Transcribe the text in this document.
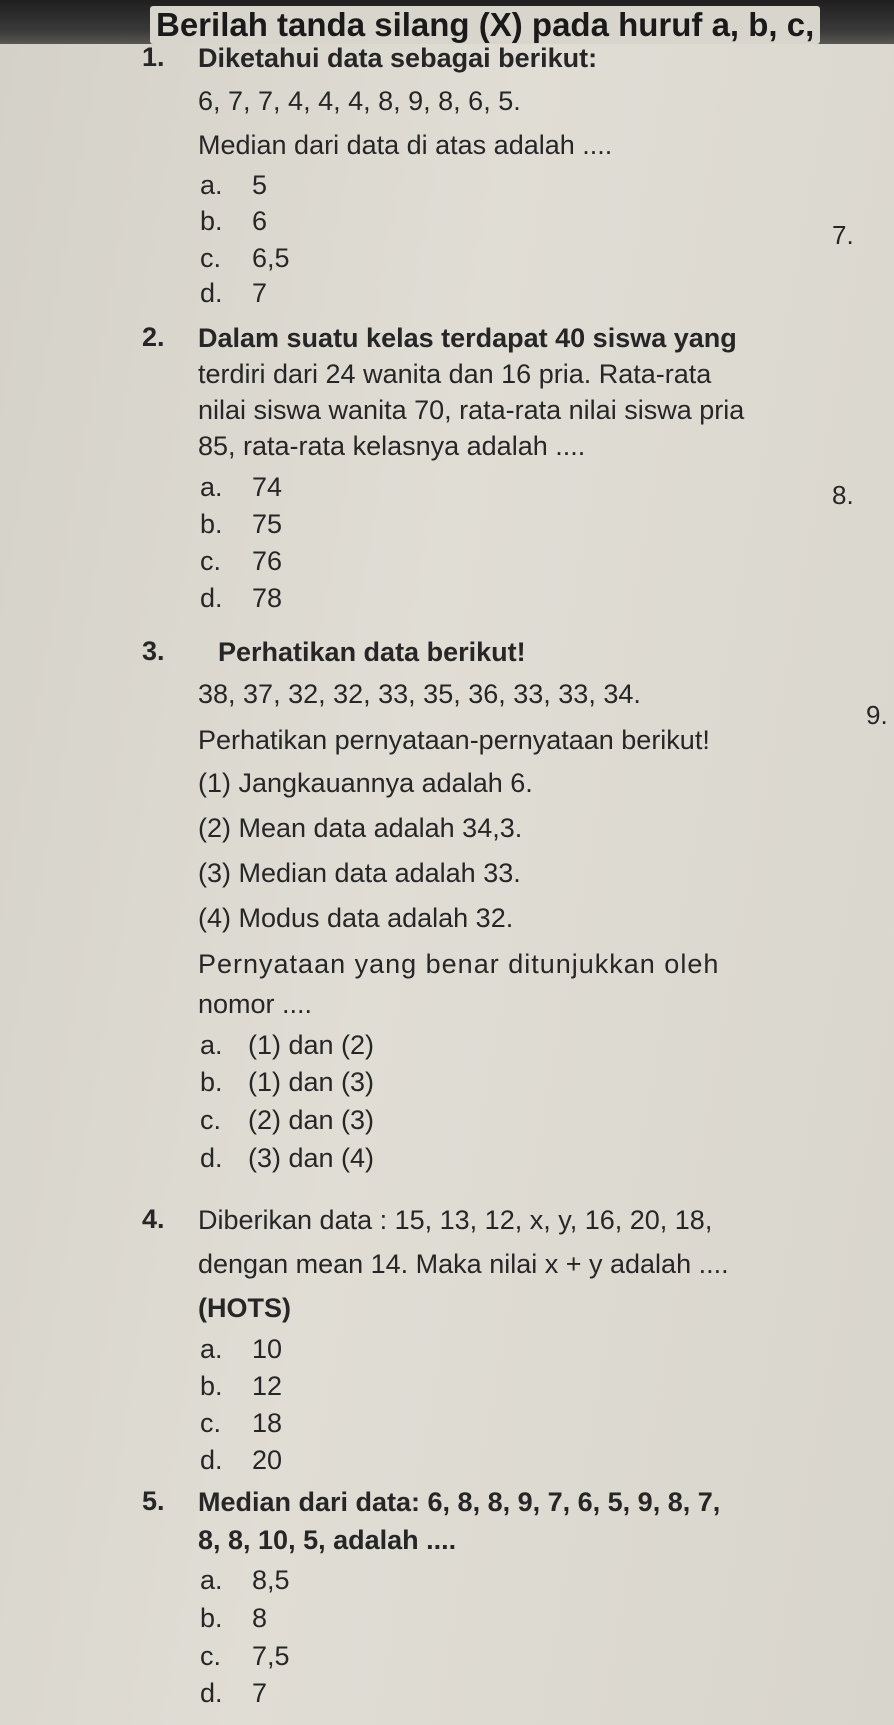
Berilah tanda silang (X) pada huruf a, b, c,
1. Diketahui data sebagai berikut:
6, 7, 7, 4, 4, 4, 8, 9, 8, 6, 5.
Median dari data di atas adalah ....
a. 5
b. 6
c. 6,5
d. 7
7.
2. Dalam suatu kelas terdapat 40 siswa yang
terdiri dari 24 wanita dan 16 pria. Rata-rata
nilai siswa wanita 70, rata-rata nilai siswa pria
85, rata-rata kelasnya adalah ....
a. 74
b. 75
c. 76
d. 78
8.
3. Perhatikan data berikut!
38, 37, 32, 32, 33, 35, 36, 33, 33, 34.
Perhatikan pernyataan-pernyataan berikut!
(1) Jangkauannya adalah 6.
(2) Mean data adalah 34,3.
(3) Median data adalah 33.
(4) Modus data adalah 32.
Pernyataan yang benar ditunjukkan oleh
nomor ....
a. (1) dan (2)
b. (1) dan (3)
c. (2) dan (3)
d. (3) dan (4)
9.
4. Diberikan data : 15, 13, 12, x, y, 16, 20, 18,
dengan mean 14. Maka nilai x + y adalah ....
(HOTS)
a. 10
b. 12
c. 18
d. 20
5. Median dari data: 6, 8, 8, 9, 7, 6, 5, 9, 8, 7,
8, 8, 10, 5, adalah ....
a. 8,5
b. 8
c. 7,5
d. 7
